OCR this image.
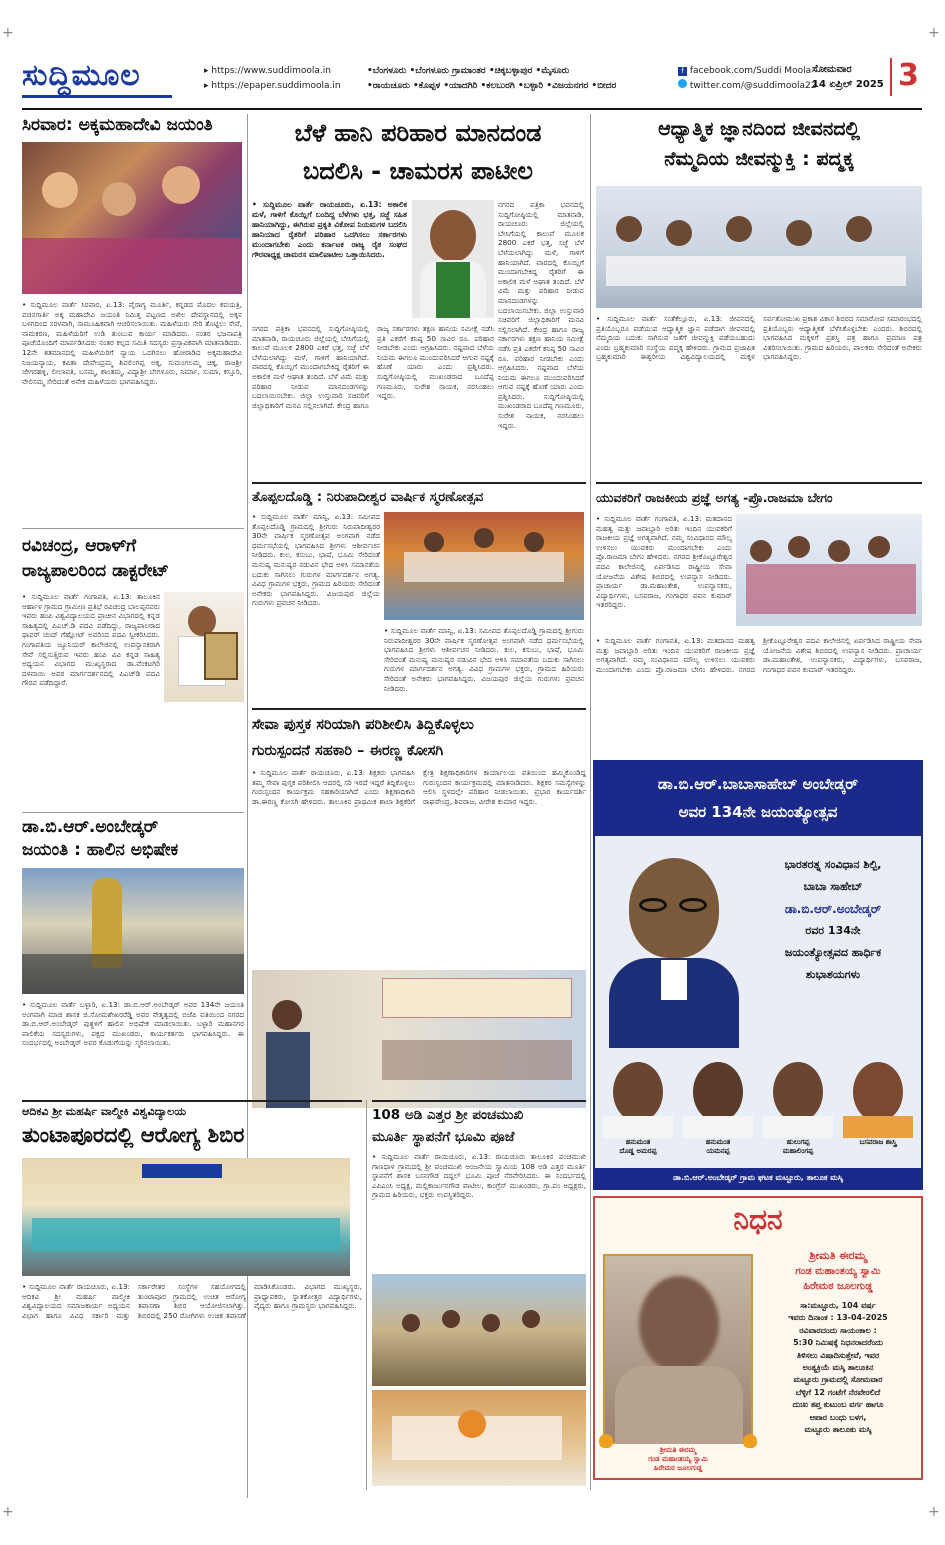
+	+
+	+
ಸುದ್ದಿಮೂಲ	▸ https://www.suddimoola.in
▸ https://epaper.suddimoola.in
•ಬೆಂಗಳೂರು •ಬೆಂಗಳೂರು ಗ್ರಾಮಾಂತರ •ಚಿಕ್ಕಬಳ್ಳಾಪುರ •ಮೈಸೂರು
•ರಾಯಚೂರು •ಕೊಪ್ಪಳ •ಯಾದಗಿರಿ •ಕಲಬುರಗಿ •ಬಳ್ಳಾರಿ •ವಿಜಯನಗರ •ಬೀದರ
f facebook.com/Suddi Moola
twitter.com/@suddimoola22
ಸೋಮವಾರ
14 ಏಪ್ರಿಲ್ 2025 3
ಸಿರವಾರ: ಅಕ್ಕಮಹಾದೇವಿ ಜಯಂತಿ
• ಸುದ್ದಿಮೂಲ ವಾರ್ತೆ ಸಿರವಾರ, ಏ.13: ವೈರಾಗ್ಯ ಮೂರ್ತಿ, ಕನ್ನಡದ ಮೊದಲ ಕವಯತ್ರಿ, ವಚನಗಾರ್ತಿ ಅಕ್ಕ ಮಹಾದೇವಿ ಜಯಂತಿ ನಿಮಿತ್ತ ಪಟ್ಟಣದ ಅಖಿಲ ದೇವಸ್ಥಾನದಲ್ಲಿ ಅಕ್ಕನ ಬಳಗದಿಂದ ಸರಳವಾಗಿ, ಸಾಮೂಹಿಕವಾಗಿ ಆಚರಿಸಲಾಯಿತು. ಮಹಿಳೆಯರು ಸೇರಿ ತೊಟ್ಟಿಲು ಸೇವೆ, ನಾಮಕರಣ, ಮಹಿಳೆಯರಿಗೆ ಉಡಿ ತುಂಬುವ ಕಾರ್ಯ ಮಾಡಿದರು. ನಂತರ ಭಜನಾಪತ್ರಿ ಪೂಜೆಯೊಂದಿಗೆ ಮಾರ್ಪಡಿಸಿದರು ನಂತರ ಕಲ್ಪದ ಸಮಿತಿ ಸದಸ್ಯರು ಪ್ರಸ್ತಾವಿಕವಾಗಿ ಮಾತನಾಡಿದರು. 12ನೇ ಶತಮಾನದಲ್ಲಿ ಮಹಿಳೆಯರಿಗೆ ನ್ಯಾಯ ಒದಗಿಸಲು ಹೋರಾಡಿದ ಅಕ್ಕಮಹಾದೇವಿ ನಿಜಯನ್ಯಾಯ, ಕವಿತಾ ದೇವೇಂದ್ರಮ್ಮ ಶಿವಲಿಂಗಪ್ಪ ಅಕ್ಕ, ಸುಮಂಗಲಮ್ಮ ಚಿಕ್ಕ, ರಾಜಶ್ರೀ ಜೇಗರಹಳ್ಳಿ, ಲೀಲಾವತಿ, ಬಸಮ್ಮ, ಶಾಂತಮ್ಮ, ವಿದ್ಯಾಶ್ರೀ ಬೇಗಳೂರು, ನಿರ್ಮಾ, ಸುಮಾ, ಕಸ್ತೂರಿ, ನೇಲಿಸಮ್ಮ ಸೇರಿದಂತೆ ಅನೇಕ ಮಹಿಳೆಯರು ಭಾಗವಹಿಸಿದ್ದರು.
ರವಿಚಂದ್ರ, ಆರಾಳ್‌ಗೆ
ರಾಜ್ಯಪಾಲರಿಂದ ಡಾಕ್ಟರೇಟ್
• ಸುದ್ದಿಮೂಲ ವಾರ್ತೆ ಗಂಗಾವತಿ, ಏ.13: ತಾಲೂಕಿನ ಆರ್ಹಾಳ ಗ್ರಾಮದ ಗ್ರಾಮೀಣ ಪ್ರತಿಭೆ ರವಿಚಂದ್ರ ಬಾಲಪ್ಪನವರು ಇವರು ಹಂಪಿ ವಿಶ್ವವಿದ್ಯಾಲಯದ ಪ್ರಾಚೀನ ವಿಭಾಗದಲ್ಲಿ ಕನ್ನಡ ಸಾಹಿತ್ಯದಲ್ಲಿ ಪಿಎಚ್.ಡಿ ಪದವಿ ಪಡೆದಿದ್ದು, ರಾಜ್ಯಪಾಲರಾದ ಥಾವರ್ ಚಂದ್ ಗೆಹ್ಲೋಟ್ ಅವರಿಂದ ಪದವಿ ಸ್ವೀಕರಿಸಿದರು. ಗಂಗಾವತಿಯ ಜ್ಯೂನಿಯರ್ ಕಾಲೇಜಿನಲ್ಲಿ ಉಪನ್ಯಾಸಕರಾಗಿ ಸೇವೆ ಸಲ್ಲಿಸುತ್ತಿರುವ ಇವರು ಹಂಪಿ ವಿವಿ ಕನ್ನಡ ಸಾಹಿತ್ಯ ಅಧ್ಯಯನ ವಿಭಾಗದ ಮುಖ್ಯಸ್ಥರಾದ ಡಾ.ವೆಂಕಟಗಿರಿ ದಳವಾಯಿ ಅವರ ಮಾರ್ಗದರ್ಶನದಲ್ಲಿ ಪಿಎಚ್‌ಡಿ ಪದವಿ ಗೌರವ ಪಡೆದಿದ್ದಾರೆ.
ಡಾ.ಬಿ.ಆರ್.ಅಂಬೇಡ್ಕರ್
ಜಯಂತಿ : ಹಾಲಿನ ಅಭಿಷೇಕ
• ಸುದ್ದಿಮೂಲ ವಾರ್ತೆ ಬಳ್ಳಾರಿ, ಏ.13: ಡಾ.ಬಿ.ಆರ್.ಅಂಬೇಡ್ಕರ್ ಅವರ 134ನೇ ಜಯಂತಿ ಅಂಗವಾಗಿ ಮಾಜಿ ಶಾಸಕ ಜಿ.ಸೋಮಶೇಖರರೆಡ್ಡಿ ಅವರ ನೇತೃತ್ವದಲ್ಲಿ ಬಿಜೆಪಿ ವತಿಯಿಂದ ನಗರದ ಡಾ.ಬಿ.ಆರ್.ಅಂಬೇಡ್ಕರ್ ಪುತ್ಥಳಿಗೆ ಹಾಲಿನ ಅಭಿಷೇಕ ಮಾಡಲಾಯಿತು. ಬಳ್ಳಾರಿ ಮಹಾನಗರ ಪಾಲಿಕೆಯ ಸದಸ್ಯರುಗಳು, ಪಕ್ಷದ ಮುಖಂಡರು, ಕಾರ್ಯಕರ್ತರು ಭಾಗವಹಿಸಿದ್ದರು. ಈ ಸಂದರ್ಭದಲ್ಲಿ ಅಂಬೇಡ್ಕರ್ ಅವರ ಕೊಡುಗೆಯನ್ನು ಸ್ಮರಿಸಲಾಯಿತು.
ಬೆಳೆ ಹಾನಿ ಪರಿಹಾರ ಮಾನದಂಡ
ಬದಲಿಸಿ - ಚಾಮರಸ ಪಾಟೀಲ
• ಸುದ್ದಿಮೂಲ ವಾರ್ತೆ ರಾಯಚೂರು, ಏ.13: ಅಕಾಲಿಕ ಮಳೆ, ಗಾಳಿಗೆ ಕೊಯ್ಲಿಗೆ ಬಂದಿದ್ದ ಬೆಳೆಗಳು ಭತ್ತ, ಸಜ್ಜೆ ಸಹಿತ ಹಾನಿಯಾಗಿದ್ದು, ಈಗಿರುವ ಪ್ರಕೃತಿ ವಿಕೋಪ ನಿಯಮಗಳ ಬದಲಿಸಿ ಹಾನಿಯಾದ ರೈತರಿಗೆ ಪರಿಹಾರ ಒದಗಿಸಲು ಸರ್ಕಾರಗಳು ಮುಂದಾಗಬೇಕು ಎಂದು ಕರ್ನಾಟಕ ರಾಜ್ಯ ರೈತ ಸಂಘದ ಗೌರವಾಧ್ಯಕ್ಷ ಚಾಮರಸ ಮಾಲಿಪಾಟೀಲ ಒತ್ತಾಯಿಸಿದರು.
ನಗರದ ಪತ್ರಿಕಾ ಭವನದಲ್ಲಿ ಸುದ್ದಿಗೋಷ್ಠಿಯಲ್ಲಿ ಮಾತನಾಡಿ, ರಾಯಚೂರು ಜಿಲ್ಲೆಯಲ್ಲಿ ಬೇಸಿಗೆಯಲ್ಲಿ ಕಾಲುವೆ ಮೂಲಕ 2800 ಎಕರೆ ಭತ್ತ, ಸಜ್ಜೆ ಬೆಳೆ ಬೆಳೆಯಲಾಗಿದ್ದು ಮಳೆ, ಗಾಳಿಗೆ ಹಾನಿಯಾಗಿದೆ. ವಾರದಲ್ಲಿ ಕೊಯ್ಲಿಗೆ ಮುಂದಾಗಬೇಕಿದ್ದ ರೈತರಿಗೆ ಈ ಅಕಾಲಿಕ ಮಳೆ ಆಘಾತ ತಂದಿದೆ. ಬೆಳೆ ವಿಮೆ ಮತ್ತು ಪರಿಹಾರ ನೀಡುವ ಮಾನದಂಡಗಳನ್ನು ಬದಲಾಯಿಸಬೇಕು. ಜಿಲ್ಲಾ ಉಸ್ತುವಾರಿ ಸಚಿವರಿಗೆ ಜಿಲ್ಲಾಧಿಕಾರಿಗೆ ಮನವಿ ಸಲ್ಲಿಸಲಾಗಿದೆ. ಕೇಂದ್ರ ಹಾಗೂ ರಾಜ್ಯ ಸರ್ಕಾರಗಳು ತಕ್ಷಣ ಹಾನಿಯ ಸಮೀಕ್ಷೆ ನಡೆಸಿ ಪ್ರತಿ ಎಕರೆಗೆ ಕನಿಷ್ಠ 50 ಸಾವಿರ ರೂ. ಪರಿಹಾರ ನೀಡಬೇಕು ಎಂದು ಆಗ್ರಹಿಸಿದರು. ನಷ್ಟವಾದ ಬೆಳೆಯ ನಿಯಮ ಈಗಲೂ ಮುಂದುವರಿಸಿದರೆ ಆಗುವ ನಷ್ಟಕ್ಕೆ ಹೊಣೆ ಯಾರು ಎಂದು ಪ್ರಶ್ನಿಸಿದರು. ಸುದ್ದಿಗೋಷ್ಠಿಯಲ್ಲಿ ಮುಖಂಡರಾದ ಬೂದೆಪ್ಪ ಗಣಮೂರು, ಸುರೇಶ ನಾಯಕ, ನರಸಿಂಹಲು ಇದ್ದರು.
ನಗರದ ಪತ್ರಿಕಾ ಭವನದಲ್ಲಿ ಸುದ್ದಿಗೋಷ್ಠಿಯಲ್ಲಿ ಮಾತನಾಡಿ, ರಾಯಚೂರು ಜಿಲ್ಲೆಯಲ್ಲಿ ಬೇಸಿಗೆಯಲ್ಲಿ ಕಾಲುವೆ ಮೂಲಕ 2800 ಎಕರೆ ಭತ್ತ, ಸಜ್ಜೆ ಬೆಳೆ ಬೆಳೆಯಲಾಗಿದ್ದು ಮಳೆ, ಗಾಳಿಗೆ ಹಾನಿಯಾಗಿದೆ. ವಾರದಲ್ಲಿ ಕೊಯ್ಲಿಗೆ ಮುಂದಾಗಬೇಕಿದ್ದ ರೈತರಿಗೆ ಈ ಅಕಾಲಿಕ ಮಳೆ ಆಘಾತ ತಂದಿದೆ. ಬೆಳೆ ವಿಮೆ ಮತ್ತು ಪರಿಹಾರ ನೀಡುವ ಮಾನದಂಡಗಳನ್ನು ಬದಲಾಯಿಸಬೇಕು. ಜಿಲ್ಲಾ ಉಸ್ತುವಾರಿ ಸಚಿವರಿಗೆ ಜಿಲ್ಲಾಧಿಕಾರಿಗೆ ಮನವಿ ಸಲ್ಲಿಸಲಾಗಿದೆ. ಕೇಂದ್ರ ಹಾಗೂ ರಾಜ್ಯ ಸರ್ಕಾರಗಳು ತಕ್ಷಣ ಹಾನಿಯ ಸಮೀಕ್ಷೆ ನಡೆಸಿ ಪ್ರತಿ ಎಕರೆಗೆ ಕನಿಷ್ಠ 50 ಸಾವಿರ ರೂ. ಪರಿಹಾರ ನೀಡಬೇಕು ಎಂದು ಆಗ್ರಹಿಸಿದರು. ನಷ್ಟವಾದ ಬೆಳೆಯ ನಿಯಮ ಈಗಲೂ ಮುಂದುವರಿಸಿದರೆ ಆಗುವ ನಷ್ಟಕ್ಕೆ ಹೊಣೆ ಯಾರು ಎಂದು ಪ್ರಶ್ನಿಸಿದರು. ಸುದ್ದಿಗೋಷ್ಠಿಯಲ್ಲಿ ಮುಖಂಡರಾದ ಬೂದೆಪ್ಪ ಗಣಮೂರು, ಸುರೇಶ ನಾಯಕ, ನರಸಿಂಹಲು ಇದ್ದರು.
ಆಧ್ಯಾತ್ಮಿಕ ಜ್ಞಾನದಿಂದ ಜೀವನದಲ್ಲಿ
ನೆಮ್ಮದಿಯ ಜೀವನ್ಮುಕ್ತಿ : ಪದ್ಮಕ್ಕ
• ಸುದ್ದಿಮೂಲ ವಾರ್ತೆ ಸಂತೆಕೆಲ್ಲೂರು, ಏ.13: ಜೀವನದಲ್ಲಿ ಪ್ರತಿಯೊಬ್ಬರೂ ಪಡೆಯುವ ಆಧ್ಯಾತ್ಮಿಕ ಜ್ಞಾನ ಪಡೆದಾಗ ಜೀವನದಲ್ಲಿ ನೆಮ್ಮದಿಯ ಬದುಕು ಸಾಗಿಸುವ ಜತೆಗೆ ಜೀವನ್ಮುಕ್ತಿ ಪಡೆಯಬಹುದು ಎಂದು ಬ್ರಹ್ಮಕುಮಾರಿ ಸಂಸ್ಥೆಯ ಪದ್ಮಕ್ಕ ಹೇಳಿದರು. ಗ್ರಾಮದ ಪ್ರಜಾಪಿತ ಬ್ರಹ್ಮಕುಮಾರಿ ಈಶ್ವರೀಯ ವಿಶ್ವವಿದ್ಯಾಲಯದಲ್ಲಿ ಮಕ್ಕಳ ಸರ್ವತೋಮುಖ ಪ್ರಕಾಶ ವಿಕಾಸ ಶಿಬಿರದ ಸಮಾರೋಪ ಸಮಾರಂಭದಲ್ಲಿ ಪ್ರತಿಯೊಬ್ಬರು ಆಧ್ಯಾತ್ಮಿಕತೆ ಬೆಳೆಸಿಕೊಳ್ಳಬೇಕು ಎಂದರು. ಶಿಬಿರದಲ್ಲಿ ಭಾಗವಹಿಸಿದ ಮಕ್ಕಳಿಗೆ ಪ್ರಶಸ್ತಿ ಪತ್ರ ಹಾಗೂ ಪ್ರಮಾಣ ಪತ್ರ ವಿತರಿಸಲಾಯಿತು. ಗ್ರಾಮದ ಹಿರಿಯರು, ಪಾಲಕರು ಸೇರಿದಂತೆ ಅನೇಕರು ಭಾಗವಹಿಸಿದ್ದರು.
ತೊಪ್ಪಲದೊಡ್ಡಿ : ನಿರುಪಾದೀಶ್ವರ ವಾರ್ಷಿಕ ಸ್ಮರಣೋತ್ಸವ
• ಸುದ್ದಿಮೂಲ ವಾರ್ತೆ ಮಾನ್ವಿ, ಏ.13: ಸಮೀಪದ ತೊಪ್ಪಲದೊಡ್ಡಿ ಗ್ರಾಮದಲ್ಲಿ ಶ್ರೀಗುರು ನಿರುಪಾದೀಶ್ವರರ 30ನೇ ವಾರ್ಷಿಕ ಸ್ಮರಣೋತ್ಸವ ಅಂಗವಾಗಿ ನಡೆದ ಧರ್ಮಸಭೆಯಲ್ಲಿ ಭಾಗವಹಿಸಿದ ಶ್ರೀಗಳು ಆಶೀರ್ವಚನ ನೀಡಿದರು. ಕುಲ, ಕಸುಬು, ಭಾಷೆ, ಭೂಮಿ ಸೇರಿದಂತೆ ಮನುಷ್ಯ ಮನುಷ್ಯರ ನಡುವಿನ ಭೇದ ಅಳಿಸಿ ಸಮಾನತೆಯ ಬದುಕು ಸಾಗಿಸಲು ಗುರುಗಳ ಮಾರ್ಗದರ್ಶನ ಅಗತ್ಯ. ವಿವಿಧ ಗ್ರಾಮಗಳ ಭಕ್ತರು, ಗ್ರಾಮದ ಹಿರಿಯರು ಸೇರಿದಂತೆ ಅನೇಕರು ಭಾಗವಹಿಸಿದ್ದರು. ವಿಜಯಪುರ ಜಿಲ್ಲೆಯ ಗುರುಗಳು ಪ್ರವಚನ ನೀಡಿದರು.
• ಸುದ್ದಿಮೂಲ ವಾರ್ತೆ ಮಾನ್ವಿ, ಏ.13: ಸಮೀಪದ ತೊಪ್ಪಲದೊಡ್ಡಿ ಗ್ರಾಮದಲ್ಲಿ ಶ್ರೀಗುರು ನಿರುಪಾದೀಶ್ವರರ 30ನೇ ವಾರ್ಷಿಕ ಸ್ಮರಣೋತ್ಸವ ಅಂಗವಾಗಿ ನಡೆದ ಧರ್ಮಸಭೆಯಲ್ಲಿ ಭಾಗವಹಿಸಿದ ಶ್ರೀಗಳು ಆಶೀರ್ವಚನ ನೀಡಿದರು. ಕುಲ, ಕಸುಬು, ಭಾಷೆ, ಭೂಮಿ ಸೇರಿದಂತೆ ಮನುಷ್ಯ ಮನುಷ್ಯರ ನಡುವಿನ ಭೇದ ಅಳಿಸಿ ಸಮಾನತೆಯ ಬದುಕು ಸಾಗಿಸಲು ಗುರುಗಳ ಮಾರ್ಗದರ್ಶನ ಅಗತ್ಯ. ವಿವಿಧ ಗ್ರಾಮಗಳ ಭಕ್ತರು, ಗ್ರಾಮದ ಹಿರಿಯರು ಸೇರಿದಂತೆ ಅನೇಕರು ಭಾಗವಹಿಸಿದ್ದರು. ವಿಜಯಪುರ ಜಿಲ್ಲೆಯ ಗುರುಗಳು ಪ್ರವಚನ ನೀಡಿದರು.
ಯುವಕರಿಗೆ ರಾಜಕೀಯ ಪ್ರಜ್ಞೆ ಅಗತ್ಯ -ಪ್ರೊ.ರಾಜಮಾ ಬೇಗಂ
• ಸುದ್ದಿಮೂಲ ವಾರ್ತೆ ಗಂಗಾವತಿ, ಏ.13: ಮತದಾನದ ಮಹತ್ವ ಮತ್ತು ಜವಾಬ್ದಾರಿ ಅರಿತು ಇಂದಿನ ಯುವಕರಿಗೆ ರಾಜಕೀಯ ಪ್ರಜ್ಞೆ ಅಗತ್ಯವಾಗಿದೆ. ನಮ್ಮ ಸಂವಿಧಾನದ ಮೌಲ್ಯ ಉಳಿಸಲು ಯುವಕರು ಮುಂದಾಗಬೇಕು ಎಂದು ಪ್ರೊ.ರಾಜಮಾ ಬೇಗಂ ಹೇಳಿದರು. ನಗರದ ಶ್ರೀಕೊಟ್ಟೂರೇಶ್ವರ ಪದವಿ ಕಾಲೇಜಿನಲ್ಲಿ ಏರ್ಪಡಿಸಿದ ರಾಷ್ಟ್ರೀಯ ಸೇವಾ ಯೋಜನೆಯ ವಿಶೇಷ ಶಿಬಿರದಲ್ಲಿ ಉಪನ್ಯಾಸ ನೀಡಿದರು. ಪ್ರಾಚಾರ್ಯ ಡಾ.ಮಹಾಂತೇಶ, ಉಪನ್ಯಾಸಕರು, ವಿದ್ಯಾರ್ಥಿಗಳು, ಬಸವರಾಜ, ಗಂಗಾಧರ ಪವನ ಕುಮಾರ್ ಇತರರಿದ್ದರು.
• ಸುದ್ದಿಮೂಲ ವಾರ್ತೆ ಗಂಗಾವತಿ, ಏ.13: ಮತದಾನದ ಮಹತ್ವ ಮತ್ತು ಜವಾಬ್ದಾರಿ ಅರಿತು ಇಂದಿನ ಯುವಕರಿಗೆ ರಾಜಕೀಯ ಪ್ರಜ್ಞೆ ಅಗತ್ಯವಾಗಿದೆ. ನಮ್ಮ ಸಂವಿಧಾನದ ಮೌಲ್ಯ ಉಳಿಸಲು ಯುವಕರು ಮುಂದಾಗಬೇಕು ಎಂದು ಪ್ರೊ.ರಾಜಮಾ ಬೇಗಂ ಹೇಳಿದರು. ನಗರದ ಶ್ರೀಕೊಟ್ಟೂರೇಶ್ವರ ಪದವಿ ಕಾಲೇಜಿನಲ್ಲಿ ಏರ್ಪಡಿಸಿದ ರಾಷ್ಟ್ರೀಯ ಸೇವಾ ಯೋಜನೆಯ ವಿಶೇಷ ಶಿಬಿರದಲ್ಲಿ ಉಪನ್ಯಾಸ ನೀಡಿದರು. ಪ್ರಾಚಾರ್ಯ ಡಾ.ಮಹಾಂತೇಶ, ಉಪನ್ಯಾಸಕರು, ವಿದ್ಯಾರ್ಥಿಗಳು, ಬಸವರಾಜ, ಗಂಗಾಧರ ಪವನ ಕುಮಾರ್ ಇತರರಿದ್ದರು.
ಸೇವಾ ಪುಸ್ತಕ ಸರಿಯಾಗಿ ಪರಿಶೀಲಿಸಿ ತಿದ್ದಿಕೊಳ್ಳಲು
ಗುರುಸ್ಪಂದನೆ ಸಹಕಾರಿ – ಈರಣ್ಣ ಕೋಸಗಿ
• ಸುದ್ದಿಮೂಲ ವಾರ್ತೆ ರಾಯಚೂರು, ಏ.13: ಶಿಕ್ಷಕರು ಭಾಗವಹಿಸಿ ತಮ್ಮ ಸೇವಾ ಪುಸ್ತಕ ಪರಿಶೀಲಿಸಿ ಆದರಲ್ಲಿ ಸರಿ ಇರದೆ ಇದ್ದರೆ ತಿದ್ದಿಕೊಳ್ಳಲು ಗುರುಸ್ಪಂದನ ಕಾರ್ಯಕ್ರಮ ಸಹಕಾರಿಯಾಗಿದೆ ಎಂದು ಶಿಕ್ಷಣಾಧಿಕಾರಿ ಡಾ.ಈರಣ್ಣ ಕೋಸಗಿ ಹೇಳಿದರು. ತಾಲೂಕಿನ ಪ್ರಾಥಮಿಕ ಶಾಲಾ ಶಿಕ್ಷಕರಿಗೆ ಕ್ಷೇತ್ರ ಶಿಕ್ಷಣಾಧಿಕಾರಿಗಳ ಕಾರ್ಯಾಲಯ ವತಿಯಿಂದ ಹಮ್ಮಿಕೊಂಡಿದ್ದ ಗುರುಸ್ಪಂದನ ಕಾರ್ಯಕ್ರಮದಲ್ಲಿ ಮಾತನಾಡಿದರು. ಶಿಕ್ಷಕರ ಸಮಸ್ಯೆಗಳನ್ನು ಆಲಿಸಿ ಸ್ಥಳದಲ್ಲೇ ಪರಿಹಾರ ನೀಡಲಾಯಿತು. ಪ್ರಭಾರ ಕಾರ್ಯದರ್ಶಿ ರಾಘವೇಂದ್ರ, ಶಿವರಾಜ, ವೀರೇಶ ಕುಮಾರ ಇದ್ದರು.
ಆದಿಕವಿ ಶ್ರೀ ಮಹರ್ಷಿ ವಾಲ್ಮೀಕಿ ವಿಶ್ವವಿದ್ಯಾಲಯ
ತುಂಟಾಪೂರದಲ್ಲಿ ಆರೋಗ್ಯ ಶಿಬಿರ
• ಸುದ್ದಿಮೂಲ ವಾರ್ತೆ ರಾಯಚೂರು, ಏ.13: ಆದಿಕವಿ ಶ್ರೀ ಮಹರ್ಷಿ ವಾಲ್ಮೀಕಿ ವಿಶ್ವವಿದ್ಯಾಲಯದ ಸಮಾಜಕಾರ್ಯ ಅಧ್ಯಯನ ವಿಭಾಗ ಹಾಗೂ ವಿವಿಧ ಸರ್ಕಾರಿ ಮತ್ತು ಸರ್ಕಾರೇತರ ಸಂಸ್ಥೆಗಳ ಸಹಯೋಗದಲ್ಲಿ ತುಂಟಾಪೂರ ಗ್ರಾಮದಲ್ಲಿ ಉಚಿತ ಆರೋಗ್ಯ ತಪಾಸಣಾ ಶಿಬಿರ ಆಯೋಜಿಸಲಾಗಿತ್ತು. ಶಿಬಿರದಲ್ಲಿ 250 ರೋಗಿಗಳು ಉಚಿತ ತಪಾಸಣೆ ಮಾಡಿಸಿಕೊಂಡರು. ವಿಭಾಗದ ಮುಖ್ಯಸ್ಥರು, ಪ್ರಾಧ್ಯಾಪಕರು, ಸ್ನಾತಕೋತ್ತರ ವಿದ್ಯಾರ್ಥಿಗಳು, ವೈದ್ಯರು ಹಾಗೂ ಗ್ರಾಮಸ್ಥರು ಭಾಗವಹಿಸಿದ್ದರು.
108 ಅಡಿ ಎತ್ತರ ಶ್ರೀ ಪಂಚಮುಖಿ
ಮೂರ್ತಿ ಸ್ಥಾಪನೆಗೆ ಭೂಮಿ ಪೂಜೆ
• ಸುದ್ದಿಮೂಲ ವಾರ್ತೆ ರಾಯಚೂರು, ಏ.13: ರಾಯಚೂರು ತಾಲೂಕಿನ ಪಂಚಮುಖಿ ಗಾಣಧಾಳ ಗ್ರಾಮದಲ್ಲಿ ಶ್ರೀ ಪಂಚಮುಖಿ ಆಂಜನೇಯ ಸ್ವಾಮಿಯ 108 ಅಡಿ ಎತ್ತರ ಮೂರ್ತಿ ಸ್ಥಾಪನೆಗೆ ಶಾಸಕ ಬಸನಗೌಡ ದದ್ದಲ್ ಭೂಮಿ ಪೂಜೆ ನೆರವೇರಿಸಿದರು. ಈ ಸಂದರ್ಭದಲ್ಲಿ ಎಪಿಎಂಸಿ ಅಧ್ಯಕ್ಷ, ಮಲ್ಲಿಕಾರ್ಜುನಗೌಡ ಪಾಟೀಲ, ಕಾಂಗ್ರೆಸ್ ಮುಖಂಡರು, ಗ್ರಾ.ಪಂ ಅಧ್ಯಕ್ಷರು, ಗ್ರಾಮದ ಹಿರಿಯರು, ಭಕ್ತರು ಉಪಸ್ಥಿತರಿದ್ದರು.
ಡಾ.ಬಿ.ಆರ್.ಬಾಬಾಸಾಹೇಬ್ ಅಂಬೇಡ್ಕರ್
ಅವರ 134ನೇ ಜಯಂತ್ಯೋತ್ಸವ
ಭಾರತರತ್ನ ಸಂವಿಧಾನ ಶಿಲ್ಪಿ,
ಬಾಬಾ ಸಾಹೇಬ್
ಡಾ.ಬಿ.ಆರ್.ಅಂಬೇಡ್ಕರ್
ರವರ 134ನೇ
ಜಯಂತ್ಯೋತ್ಸವದ ಹಾರ್ಧಿಕ
ಶುಭಾಶಯಗಳು
ಹನುಮಂತ
ದೊಡ್ಡ ಅಮರಪ್ಪ
ಹನುಮಂತ
ಯಮನಪ್ಪ
ಹುಲುಗಪ್ಪ
ಮಹಾಲಿಂಗಪ್ಪ
ಬಸವರಾಜ ಶಾಸ್ತ್ರಿ
ಡಾ.ಬಿ.ಆರ್.ಅಂಬೇಡ್ಕರ್ ಗ್ರಾಮ ಘಟಕ ಮಟ್ಟೂರು, ತಾಲೂಕ ಮಸ್ಕಿ
ನಿಧನ
ಶ್ರೀಮತಿ ಈರಮ್ಮ
ಗಂಡ ಮಹಾಂತಯ್ಯ ಸ್ವಾಮಿ
ಹಿರೇಮಠ ಜೂಲಗುಡ್ಡ
ಶ್ರೀಮತಿ ಈರಮ್ಮ
ಗಂಡ ಮಹಾಂತಯ್ಯ ಸ್ವಾಮಿ
ಹಿರೇಮಠ ಜೂಲಗುಡ್ಡ
ಸಾ:ಮಟ್ಟೂರು, 104 ವರ್ಷ
ಇವರು ದಿನಾಂಕ : 13-04-2025
ರವಿವಾರದಂದು ಸಾಯಂಕಾಲ :
5:30 ನಿಮಿಷಕ್ಕೆ ನಿಧನರಾದರೆಂದು
ತಿಳಿಸಲು ವಿಷಾದಿಸುತ್ತೇವೆ, ಇವರ
ಅಂತ್ಯಕ್ರಿಯೆ ಮಸ್ಕಿ ತಾಲೂಕಿನ
ಮಟ್ಟೂರು ಗ್ರಾಮದಲ್ಲಿ ಸೋಮವಾರ
ಬೆಳ್ಳಿಗೆ 12 ಗಂಟೆಗೆ ನೆರವೇರಲಿದೆ
ದುಃಖ ತಪ್ತ ಕುಟುಂಬ ವರ್ಗ ಹಾಗೂ
ಆಪಾರ ಬಂಧು ಬಳಗ,
ಮಟ್ಟೂರು ತಾಲೂಕು ಮಸ್ಕಿ
